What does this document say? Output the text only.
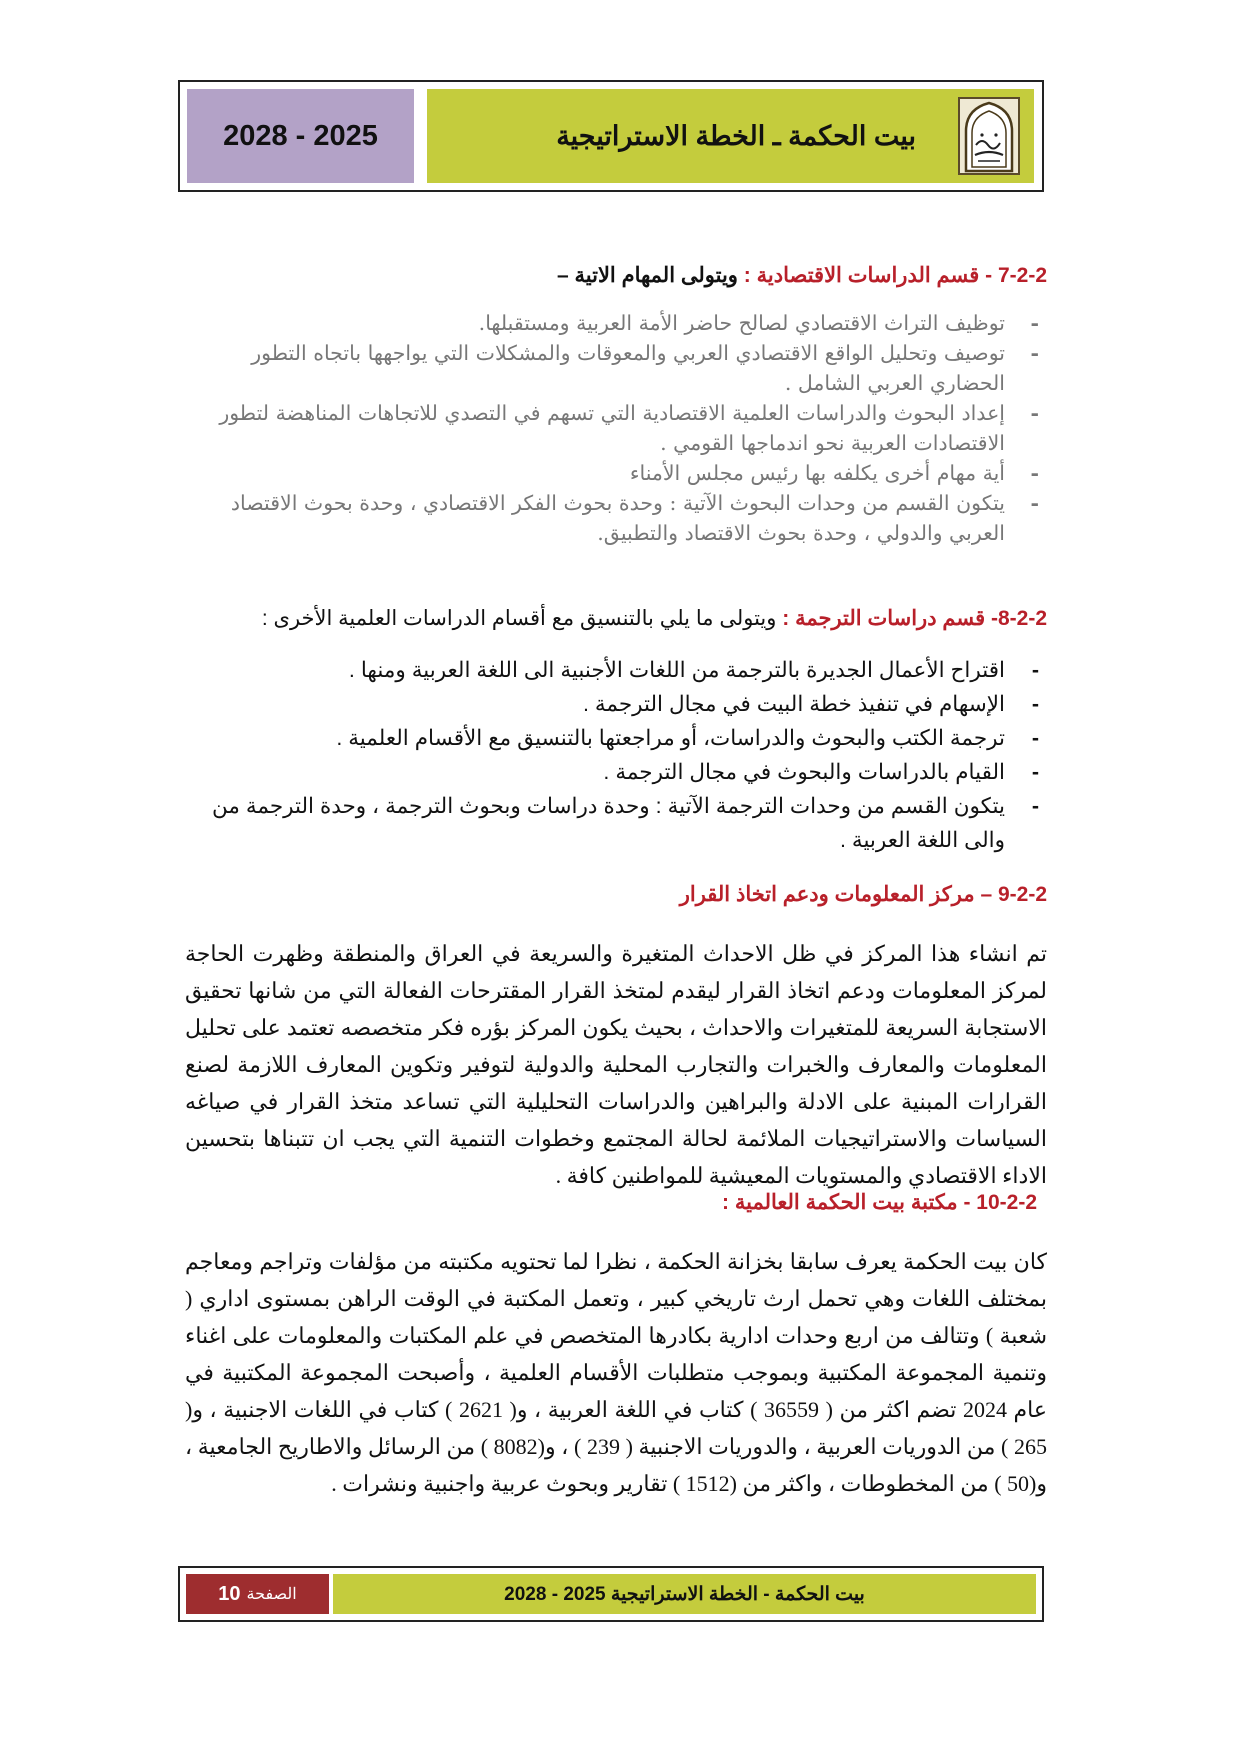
2028 - 2025	بيت الحكمة ـ الخطة الاستراتيجية
7-2-2 - قسم الدراسات الاقتصادية : ويتولى المهام الاتية –
- توظيف التراث الاقتصادي لصالح حاضر الأمة العربية ومستقبلها.
- توصيف وتحليل الواقع الاقتصادي العربي والمعوقات والمشكلات التي يواجهها باتجاه التطور الحضاري العربي الشامل .
- إعداد البحوث والدراسات العلمية الاقتصادية التي تسهم في التصدي للاتجاهات المناهضة لتطور الاقتصادات العربية نحو اندماجها القومي .
- أية مهام أخرى يكلفه بها رئيس مجلس الأمناء
- يتكون القسم من وحدات البحوث الآتية : وحدة بحوث الفكر الاقتصادي ، وحدة بحوث الاقتصاد العربي والدولي ، وحدة بحوث الاقتصاد والتطبيق.
8-2-2- قسم دراسات الترجمة : ويتولى ما يلي بالتنسيق مع أقسام الدراسات العلمية الأخرى :
- اقتراح الأعمال الجديرة بالترجمة من اللغات الأجنبية الى اللغة العربية ومنها .
- الإسهام في تنفيذ خطة البيت في مجال الترجمة .
- ترجمة الكتب والبحوث والدراسات، أو مراجعتها بالتنسيق مع الأقسام العلمية .
- القيام بالدراسات والبحوث في مجال الترجمة .
- يتكون القسم من وحدات الترجمة الآتية : وحدة دراسات وبحوث الترجمة ، وحدة الترجمة من والى اللغة العربية .
9-2-2 – مركز المعلومات ودعم اتخاذ القرار

تم انشاء هذا المركز في ظل الاحداث المتغيرة والسريعة في العراق والمنطقة وظهرت الحاجة لمركز المعلومات ودعم اتخاذ القرار ليقدم لمتخذ القرار المقترحات الفعالة التي من شانها تحقيق الاستجابة السريعة للمتغيرات والاحداث ، بحيث يكون المركز بؤره فكر متخصصه تعتمد على تحليل المعلومات والمعارف والخبرات والتجارب المحلية والدولية لتوفير وتكوين المعارف اللازمة لصنع القرارات المبنية على الادلة والبراهين والدراسات التحليلية التي تساعد متخذ القرار في صياغه السياسات والاستراتيجيات الملائمة لحالة المجتمع وخطوات التنمية التي يجب ان تتبناها بتحسين الاداء الاقتصادي والمستويات المعيشية للمواطنين كافة .

10-2-2 - مكتبة بيت الحكمة العالمية :

كان بيت الحكمة يعرف سابقا بخزانة الحكمة ، نظرا لما تحتويه مكتبته من مؤلفات وتراجم ومعاجم بمختلف اللغات وهي تحمل ارث تاريخي كبير ، وتعمل المكتبة في الوقت الراهن بمستوى اداري ( شعبة ) وتتالف من اربع وحدات ادارية بكادرها المتخصص في علم المكتبات والمعلومات على اغناء وتنمية المجموعة المكتبية وبموجب متطلبات الأقسام العلمية ، وأصبحت المجموعة المكتبية في عام 2024 تضم اكثر من ( 36559 ) كتاب في اللغة العربية ، و( 2621 ) كتاب في اللغات الاجنبية ، و( 265 ) من الدوريات العربية ، والدوريات الاجنبية ( 239 ) ، و(8082 ) من الرسائل والاطاريح الجامعية ، و(50 ) من المخطوطات ، واكثر من (1512 ) تقارير وبحوث عربية واجنبية ونشرات .

الصفحة
10	بيت الحكمة - الخطة الاستراتيجية 2025 - 2028
